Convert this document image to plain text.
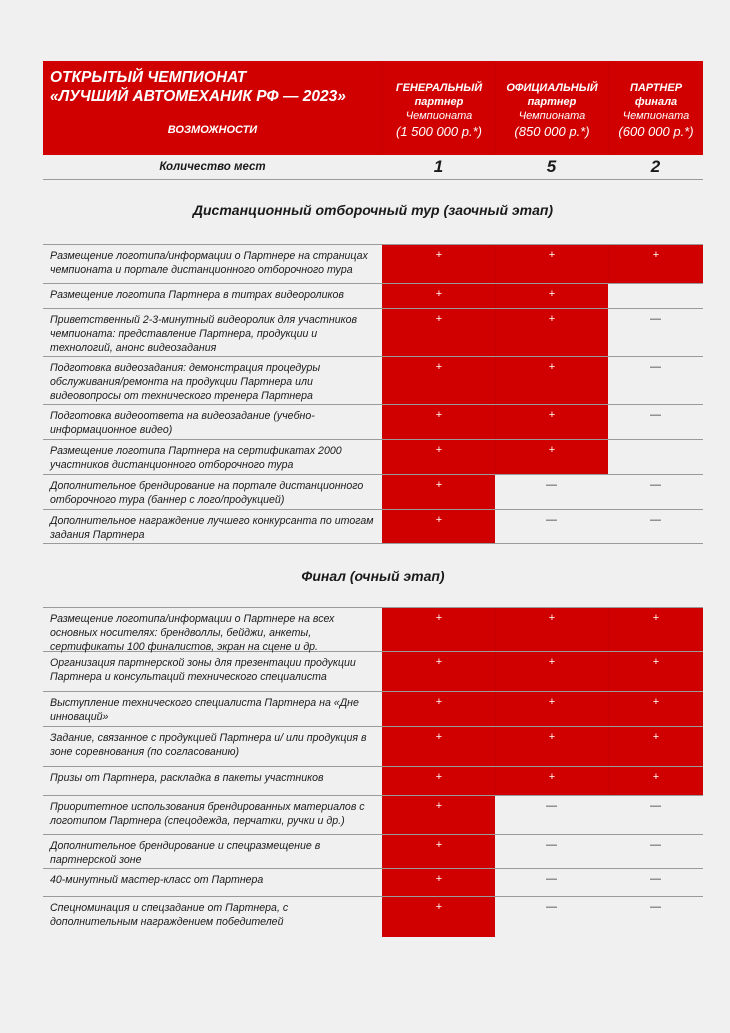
ОТКРЫТЫЙ ЧЕМПИОНАТ
«ЛУЧШИЙ АВТОМЕХАНИК РФ — 2023»
ВОЗМОЖНОСТИ
ГЕНЕРАЛЬНЫЙ
партнер
Чемпионата
(1 500 000 р.*)
ОФИЦИАЛЬНЫЙ
партнер
Чемпионата
(850 000 р.*)
ПАРТНЕР
финала
Чемпионата
(600 000 р.*)
Количество мест	1	5	2
Дистанционный отборочный тур (заочный этап)
Размещение логотипа/информации о Партнере на страницах чемпионата и портале дистанционного отборочного тура
+	+	+
Размещение логотипа Партнера в титрах видеороликов	+	+
Приветственный 2-3-минутный видеоролик для участников чемпионата: представление Партнера, продукции и технологий, анонс видеозадания
+	+	—
Подготовка видеозадания: демонстрация процедуры обслуживания/ремонта на продукции Партнера или видеовопросы от технического тренера Партнера
+	+	—
Подготовка видеоответа на видеозадание (учебно-информационное видео)
+	+	—
Размещение логотипа Партнера на сертификатах 2000 участников дистанционного отборочного тура
+	+
Дополнительное брендирование на портале дистанционного отборочного тура (баннер с лого/продукцией)
+	—	—
Дополнительное награждение лучшего конкурсанта по итогам задания Партнера
+	—	—
Финал (очный этап)
Размещение логотипа/информации о Партнере на всех основных носителях: брендволлы, бейджи, анкеты, сертификаты 100 финалистов, экран на сцене и др.
+	+	+
Организация партнерской зоны для презентации продукции Партнера и консультаций технического специалиста
+	+	+
Выступление технического специалиста Партнера на «Дне инноваций»
+	+	+
Задание, связанное с продукцией Партнера и/ или продукция в зоне соревнования (по согласованию)
+	+	+
Призы от Партнера, раскладка в пакеты участников	+	+	+
Приоритетное использования брендированных материалов с логотипом Партнера (спецодежда, перчатки, ручки и др.)
+	—	—
Дополнительное брендирование и спецразмещение в партнерской зоне
+	—	—
40-минутный мастер-класс от Партнера	+	—	—
Спецноминация и спецзадание от Партнера, с дополнительным награждением победителей
+	—	—
